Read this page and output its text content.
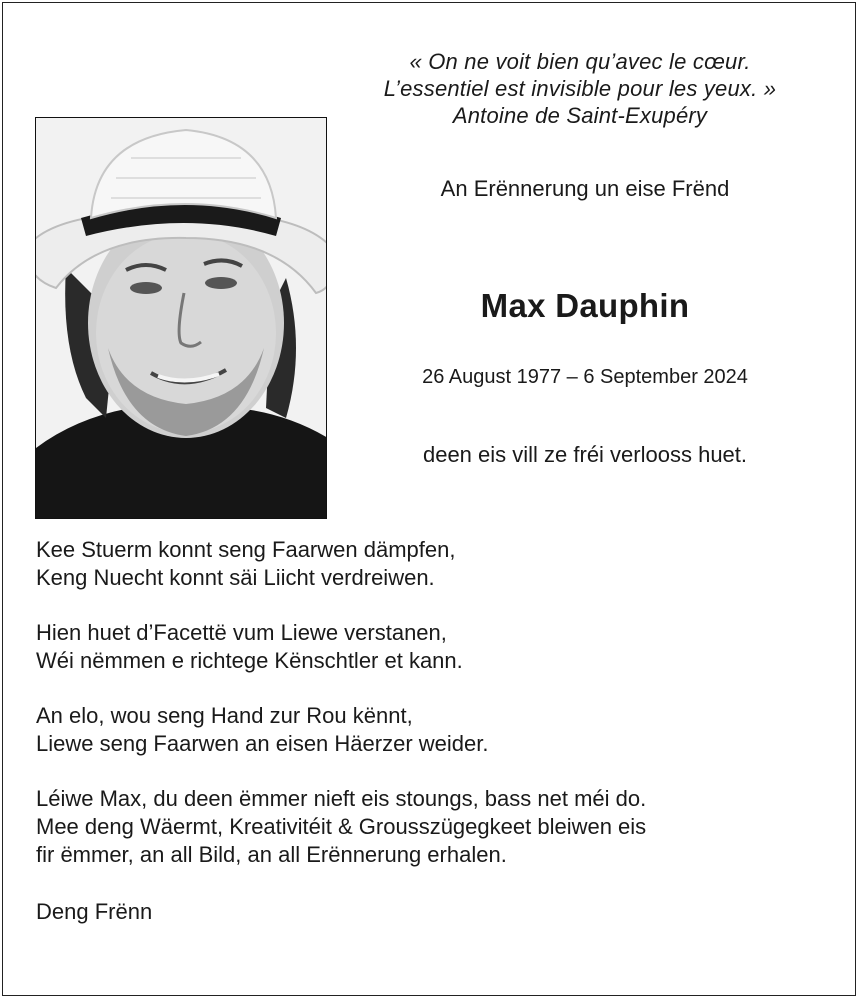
« On ne voit bien qu’avec le cœur.
L’essentiel est invisible pour les yeux. »
Antoine de Saint-Exupéry
An Erënnerung un eise Frënd
Max Dauphin
26 August 1977 – 6 September 2024
deen eis vill ze fréi verlooss huet.
Kee Stuerm konnt seng Faarwen dämpfen,
Keng Nuecht konnt säi Liicht verdreiwen.
Hien huet d’Facettë vum Liewe verstanen,
Wéi nëmmen e richtege Kënschtler et kann.
An elo, wou seng Hand zur Rou kënnt,
Liewe seng Faarwen an eisen Häerzer weider.
Léiwe Max, du deen ëmmer nieft eis stoungs, bass net méi do.
Mee deng Wäermt, Kreativitéit & Grousszügegkeet bleiwen eis
fir ëmmer, an all Bild, an all Erënnerung erhalen.
Deng Frënn
